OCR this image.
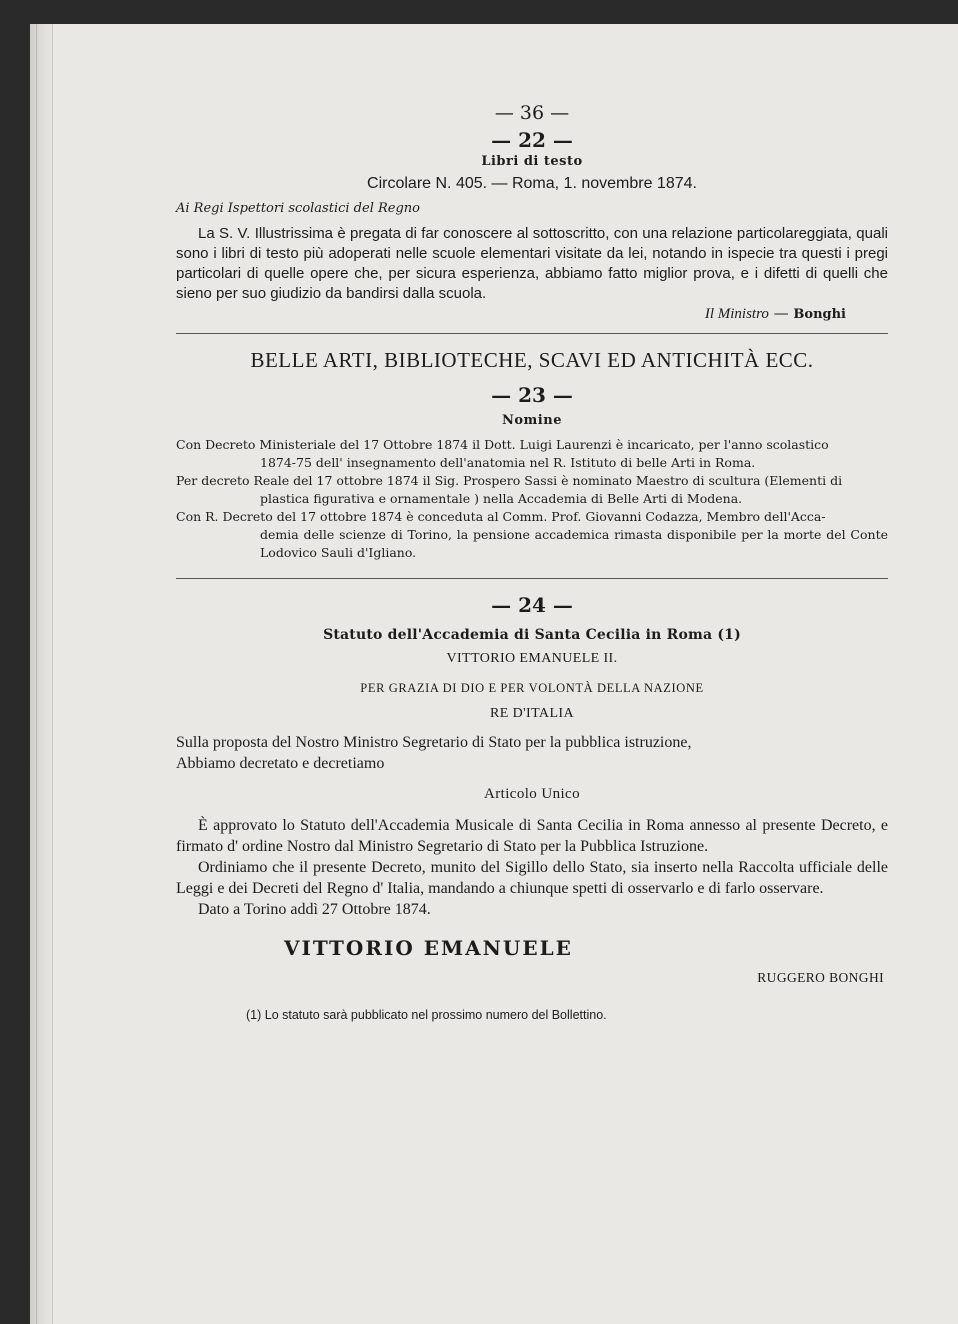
— 36 —
— 22 —
Libri di testo
Circolare N. 405. — Roma, 1. novembre 1874.
Ai Regi Ispettori scolastici del Regno
La S. V. Illustrissima è pregata di far conoscere al sottoscritto, con una relazione particolareggiata, quali sono i libri di testo più adoperati nelle scuole elementari visitate da lei, notando in ispecie tra questi i pregi particolari di quelle opere che, per sicura esperienza, abbiamo fatto miglior prova, e i difetti di quelli che sieno per suo giudizio da bandirsi dalla scuola.
Il Ministro — Bonghi
BELLE ARTI, BIBLIOTECHE, SCAVI ED ANTICHITÀ ECC.
— 23 —
Nomine
Con Decreto Ministeriale del 17 Ottobre 1874 il Dott. Luigi Laurenzi è incaricato, per l'anno scolastico
1874-75 dell' insegnamento dell'anatomia nel R. Istituto di belle Arti in Roma.
Per decreto Reale del 17 ottobre 1874 il Sig. Prospero Sassi è nominato Maestro di scultura (Elementi di
plastica figurativa e ornamentale ) nella Accademia di Belle Arti di Modena.
Con R. Decreto del 17 ottobre 1874 è conceduta al Comm. Prof. Giovanni Codazza, Membro dell'Acca-
demia delle scienze di Torino, la pensione accademica rimasta disponibile per la morte del Conte Lodovico Sauli d'Igliano.
— 24 —
Statuto dell'Accademia di Santa Cecilia in Roma (1)
VITTORIO EMANUELE II.
PER GRAZIA DI DIO E PER VOLONTÀ DELLA NAZIONE
RE D'ITALIA
Sulla proposta del Nostro Ministro Segretario di Stato per la pubblica istruzione,
Abbiamo decretato e decretiamo
Articolo Unico
È approvato lo Statuto dell'Accademia Musicale di Santa Cecilia in Roma annesso al presente Decreto, e firmato d' ordine Nostro dal Ministro Segretario di Stato per la Pubblica Istruzione.
Ordiniamo che il presente Decreto, munito del Sigillo dello Stato, sia inserto nella Raccolta ufficiale delle Leggi e dei Decreti del Regno d' Italia, mandando a chiunque spetti di osservarlo e di farlo osservare.
Dato a Torino addì 27 Ottobre 1874.
VITTORIO EMANUELE
RUGGERO BONGHI
(1) Lo statuto sarà pubblicato nel prossimo numero del Bollettino.
